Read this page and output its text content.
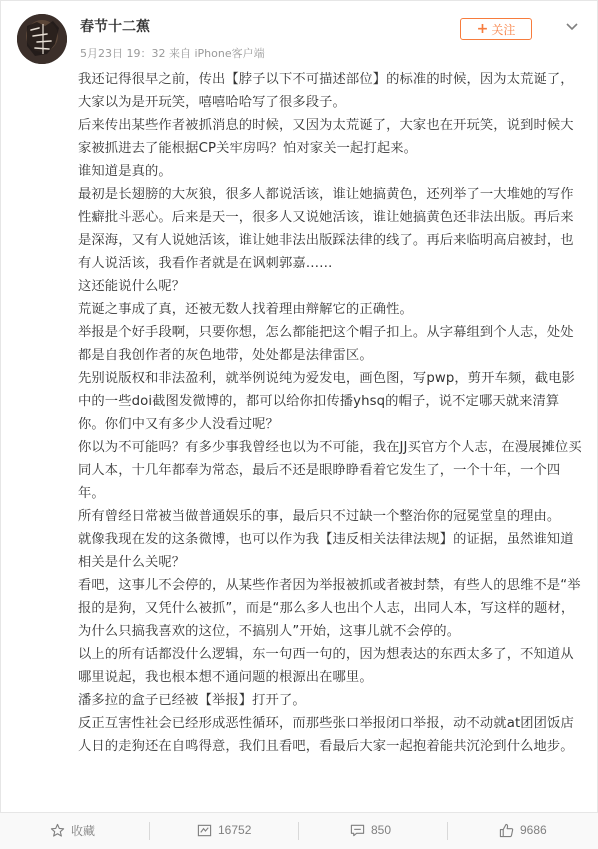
春节十二蕉
5月23日 19：32 来自 iPhone客户端
+ 关注

我还记得很早之前，传出【脖子以下不可描述部位】的标准的时候，因为太荒诞了，大家以为是开玩笑，嘻嘻哈哈写了很多段子。

后来传出某些作者被抓消息的时候，又因为太荒诞了，大家也在开玩笑，说到时候大家被抓进去了能根据CP关牢房吗？怕对家关一起打起来。

谁知道是真的。

最初是长翅膀的大灰狼，很多人都说活该，谁让她搞黄色，还列举了一大堆她的写作性癖批斗恶心。后来是天一，很多人又说她活该，谁让她搞黄色还非法出版。再后来是深海，又有人说她活该，谁让她非法出版踩法律的线了。再后来临明高启被封，也有人说活该，我看作者就是在讽刺郭嘉……

这还能说什么呢？

荒诞之事成了真，还被无数人找着理由辩解它的正确性。

举报是个好手段啊，只要你想，怎么都能把这个帽子扣上。从字幕组到个人志，处处都是自我创作者的灰色地带，处处都是法律雷区。

先别说版权和非法盈利，就举例说纯为爱发电，画色图，写pwp，剪开车频，截电影中的一些doi截图发微博的，都可以给你扣传播yhsq的帽子，说不定哪天就来清算你。你们中又有多少人没看过呢？

你以为不可能吗？有多少事我曾经也以为不可能，我在JJ买官方个人志，在漫展摊位买同人本，十几年都奉为常态，最后不还是眼睁睁看着它发生了，一个十年，一个四年。

所有曾经日常被当做普通娱乐的事，最后只不过缺一个整治你的冠冕堂皇的理由。

就像我现在发的这条微博，也可以作为我【违反相关法律法规】的证据，虽然谁知道相关是什么关呢？

看吧，这事儿不会停的，从某些作者因为举报被抓或者被封禁，有些人的思维不是“举报的是狗，又凭什么被抓”，而是“那么多人也出个人志，出同人本，写这样的题材，为什么只搞我喜欢的这位，不搞别人”开始，这事儿就不会停的。

以上的所有话都没什么逻辑，东一句西一句的，因为想表达的东西太多了，不知道从哪里说起，我也根本想不通问题的根源出在哪里。

潘多拉的盒子已经被【举报】打开了。

反正互害性社会已经形成恶性循环，而那些张口举报闭口举报，动不动就at团团饭店人日的走狗还在自鸣得意，我们且看吧，看最后大家一起抱着能共沉沦到什么地步。

收藏	16752	850	9686
